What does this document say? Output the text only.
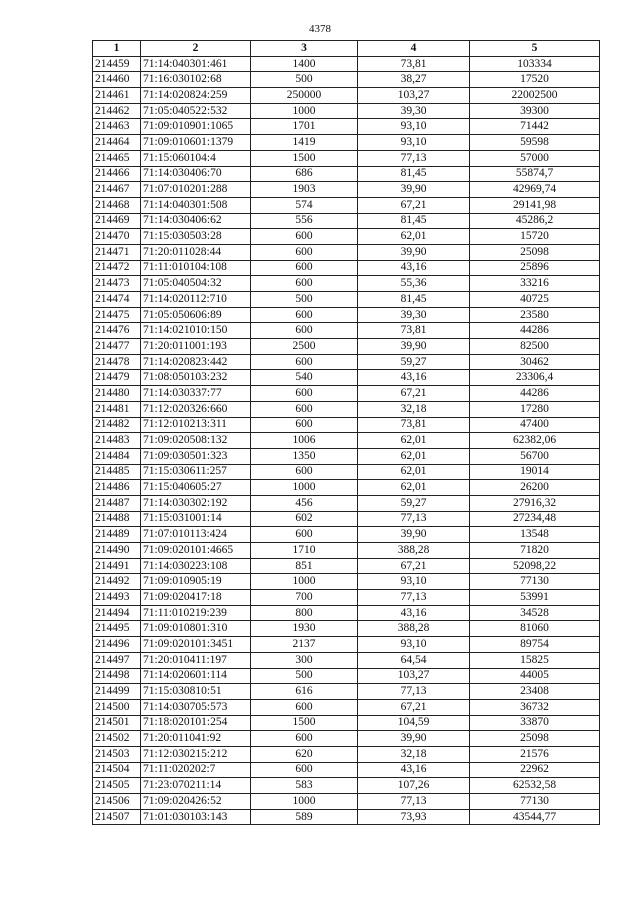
4378
1	2	3	4	5
214459	71:14:040301:461	1400	73,81	103334
214460	71:16:030102:68	500	38,27	17520
214461	71:14:020824:259	250000	103,27	22002500
214462	71:05:040522:532	1000	39,30	39300
214463	71:09:010901:1065	1701	93,10	71442
214464	71:09:010601:1379	1419	93,10	59598
214465	71:15:060104:4	1500	77,13	57000
214466	71:14:030406:70	686	81,45	55874,7
214467	71:07:010201:288	1903	39,90	42969,74
214468	71:14:040301:508	574	67,21	29141,98
214469	71:14:030406:62	556	81,45	45286,2
214470	71:15:030503:28	600	62,01	15720
214471	71:20:011028:44	600	39,90	25098
214472	71:11:010104:108	600	43,16	25896
214473	71:05:040504:32	600	55,36	33216
214474	71:14:020112:710	500	81,45	40725
214475	71:05:050606:89	600	39,30	23580
214476	71:14:021010:150	600	73,81	44286
214477	71:20:011001:193	2500	39,90	82500
214478	71:14:020823:442	600	59,27	30462
214479	71:08:050103:232	540	43,16	23306,4
214480	71:14:030337:77	600	67,21	44286
214481	71:12:020326:660	600	32,18	17280
214482	71:12:010213:311	600	73,81	47400
214483	71:09:020508:132	1006	62,01	62382,06
214484	71:09:030501:323	1350	62,01	56700
214485	71:15:030611:257	600	62,01	19014
214486	71:15:040605:27	1000	62,01	26200
214487	71:14:030302:192	456	59,27	27916,32
214488	71:15:031001:14	602	77,13	27234,48
214489	71:07:010113:424	600	39,90	13548
214490	71:09:020101:4665	1710	388,28	71820
214491	71:14:030223:108	851	67,21	52098,22
214492	71:09:010905:19	1000	93,10	77130
214493	71:09:020417:18	700	77,13	53991
214494	71:11:010219:239	800	43,16	34528
214495	71:09:010801:310	1930	388,28	81060
214496	71:09:020101:3451	2137	93,10	89754
214497	71:20:010411:197	300	64,54	15825
214498	71:14:020601:114	500	103,27	44005
214499	71:15:030810:51	616	77,13	23408
214500	71:14:030705:573	600	67,21	36732
214501	71:18:020101:254	1500	104,59	33870
214502	71:20:011041:92	600	39,90	25098
214503	71:12:030215:212	620	32,18	21576
214504	71:11:020202:7	600	43,16	22962
214505	71:23:070211:14	583	107,26	62532,58
214506	71:09:020426:52	1000	77,13	77130
214507	71:01:030103:143	589	73,93	43544,77
